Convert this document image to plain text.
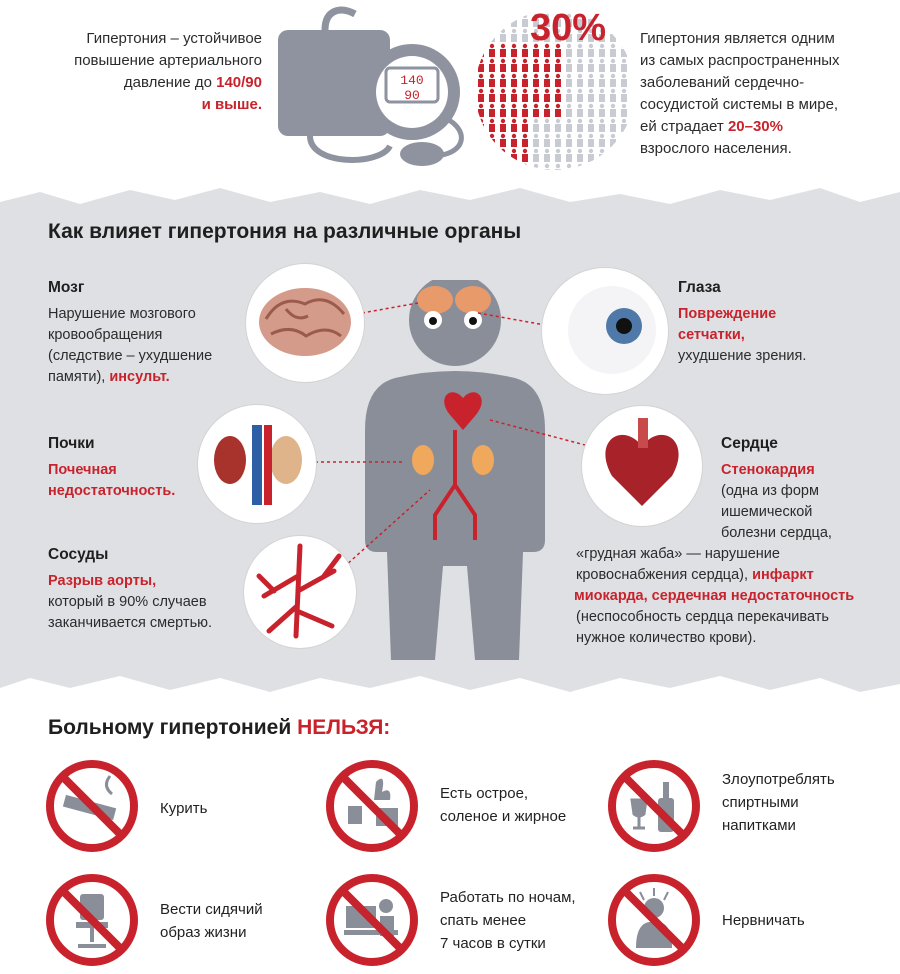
Гипертония – устойчивое
повышение артериального
давление до 140/90
и выше.
140
90
30% Гипертония является одним
из самых распространенных
заболеваний сердечно-
сосудистой системы в мире,
ей страдает 20–30%
взрослого населения.
Как влияет гипертония на различные органы
Мозг
Нарушение мозгового
кровообращения
(следствие – ухудшение
памяти), инсульт.
Глаза
Повреждение
сетчатки,
ухудшение зрения.
Почки
Почечная
недостаточность.
Сосуды
Разрыв аорты,
который в 90% случаев
заканчивается смертью.
Сердце
Стенокардия
(одна из форм
ишемической
болезни сердца,
«грудная жаба» — нарушение
кровоснабжения сердца), инфаркт
миокарда, сердечная недостаточность
(неспособность сердца перекачивать
нужное количество крови).
Больному гипертонией НЕЛЬЗЯ:
Курить
Есть острое,
соленое и жирное
Злоупотреблять
спиртными
напитками
Вести сидячий
образ жизни
Работать по ночам,
спать менее
7 часов в сутки
Нервничать
